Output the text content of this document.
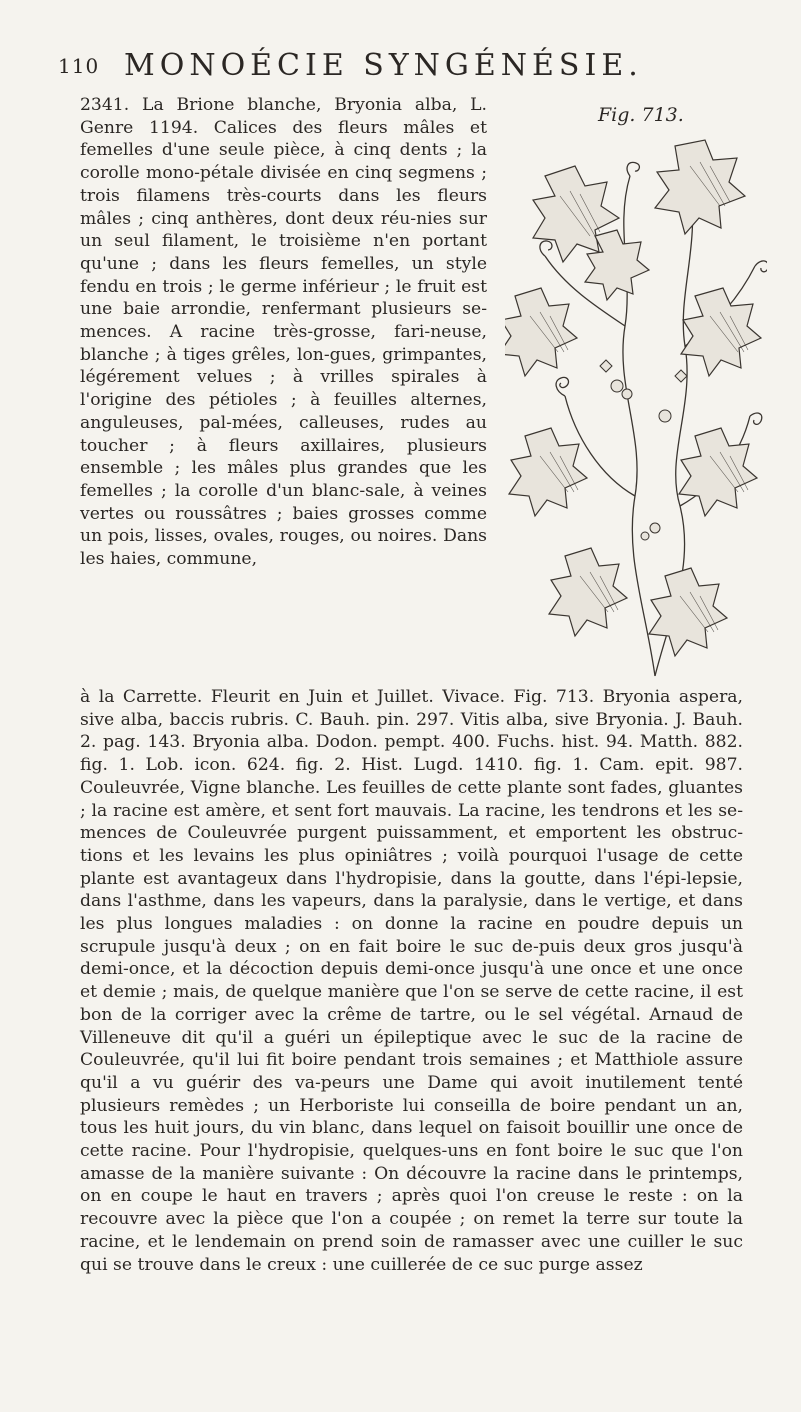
110 MONOÉCIE SYNGÉNÉSIE.
Fig. 713.

2341. La Brione blanche, Bryonia alba, L. Genre 1194. Calices des fleurs mâles et femelles d'une seule pièce, à cinq dents ; la corolle mono-pétale divisée en cinq segmens ; trois filamens très-courts dans les fleurs mâles ; cinq anthères, dont deux réu-nies sur un seul filament, le troisième n'en portant qu'une ; dans les fleurs femelles, un style fendu en trois ; le germe inférieur ; le fruit est une baie arrondie, renfermant plusieurs se-mences. A racine très-grosse, fari-neuse, blanche ; à tiges grêles, lon-gues, grimpantes, légérement velues ; à vrilles spirales à l'origine des pétioles ; à feuilles alternes, anguleuses, pal-mées, calleuses, rudes au toucher ; à fleurs axillaires, plusieurs ensemble ; les mâles plus grandes que les femelles ; la corolle d'un blanc-sale, à veines vertes ou roussâtres ; baies grosses comme un pois, lisses, ovales, rouges, ou noires. Dans les haies, commune,

à la Carrette. Fleurit en Juin et Juillet. Vivace. Fig. 713. Bryonia aspera, sive alba, baccis rubris. C. Bauh. pin. 297. Vitis alba, sive Bryonia. J. Bauh. 2. pag. 143. Bryonia alba. Dodon. pempt. 400. Fuchs. hist. 94. Matth. 882. fig. 1. Lob. icon. 624. fig. 2. Hist. Lugd. 1410. fig. 1. Cam. epit. 987. Couleuvrée, Vigne blanche. Les feuilles de cette plante sont fades, gluantes ; la racine est amère, et sent fort mauvais. La racine, les tendrons et les se-mences de Couleuvrée purgent puissamment, et emportent les obstruc-tions et les levains les plus opiniâtres ; voilà pourquoi l'usage de cette plante est avantageux dans l'hydropisie, dans la goutte, dans l'épi-lepsie, dans l'asthme, dans les vapeurs, dans la paralysie, dans le vertige, et dans les plus longues maladies : on donne la racine en poudre depuis un scrupule jusqu'à deux ; on en fait boire le suc de-puis deux gros jusqu'à demi-once, et la décoction depuis demi-once jusqu'à une once et une once et demie ; mais, de quelque manière que l'on se serve de cette racine, il est bon de la corriger avec la crême de tartre, ou le sel végétal. Arnaud de Villeneuve dit qu'il a guéri un épileptique avec le suc de la racine de Couleuvrée, qu'il lui fit boire pendant trois semaines ; et Matthiole assure qu'il a vu guérir des va-peurs une Dame qui avoit inutilement tenté plusieurs remèdes ; un Herboriste lui conseilla de boire pendant un an, tous les huit jours, du vin blanc, dans lequel on faisoit bouillir une once de cette racine. Pour l'hydropisie, quelques-uns en font boire le suc que l'on amasse de la manière suivante : On découvre la racine dans le printemps, on en coupe le haut en travers ; après quoi l'on creuse le reste : on la recouvre avec la pièce que l'on a coupée ; on remet la terre sur toute la racine, et le lendemain on prend soin de ramasser avec une cuiller le suc qui se trouve dans le creux : une cuillerée de ce suc purge assez
